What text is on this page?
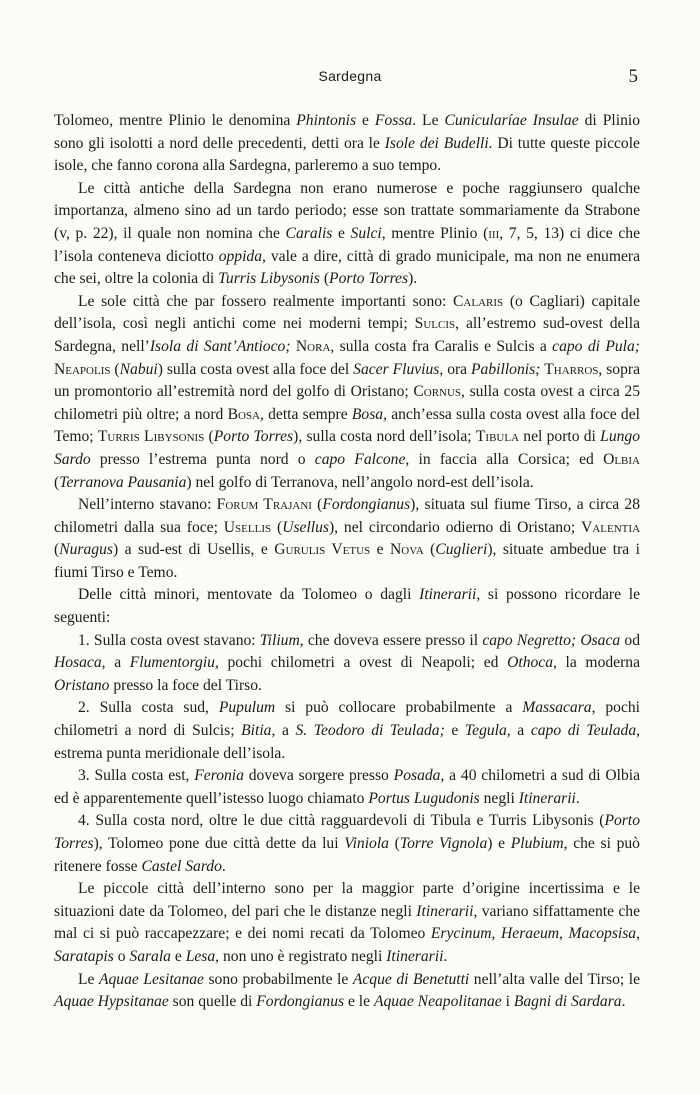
Sardegna	5

Tolomeo, mentre Plinio le denomina Phintonis e Fossa. Le Cunicularíae Insulae di Plinio sono gli isolotti a nord delle precedenti, detti ora le Isole dei Budelli. Di tutte queste piccole isole, che fanno corona alla Sardegna, parleremo a suo tempo.

Le città antiche della Sardegna non erano numerose e poche raggiunsero qualche importanza, almeno sino ad un tardo periodo; esse son trattate sommariamente da Strabone (v, p. 22), il quale non nomina che Caralis e Sulci, mentre Plinio (iii, 7, 5, 13) ci dice che l’isola conteneva diciotto oppida, vale a dire, città di grado municipale, ma non ne enumera che sei, oltre la colonia di Turris Libysonis (Porto Torres).

Le sole città che par fossero realmente importanti sono: Calaris (o Cagliari) capitale dell’isola, così negli antichi come nei moderni tempi; Sulcis, all’estremo sud-ovest della Sardegna, nell’Isola di Sant’Antioco; Nora, sulla costa fra Caralis e Sulcis a capo di Pula; Neapolis (Nabui) sulla costa ovest alla foce del Sacer Fluvius, ora Pabillonis; Tharros, sopra un promontorio all’estremità nord del golfo di Oristano; Cornus, sulla costa ovest a circa 25 chilometri più oltre; a nord Bosa, detta sempre Bosa, anch’essa sulla costa ovest alla foce del Temo; Turris Libysonis (Porto Torres), sulla costa nord dell’isola; Tibula nel porto di Lungo Sardo presso l’estrema punta nord o capo Falcone, in faccia alla Corsica; ed Olbia (Terranova Pausania) nel golfo di Terranova, nell’angolo nord-est dell’isola.

Nell’interno stavano: Forum Trajani (Fordongianus), situata sul fiume Tirso, a circa 28 chilometri dalla sua foce; Usellis (Usellus), nel circondario odierno di Oristano; Valentia (Nuragus) a sud-est di Usellis, e Gurulis Vetus e Nova (Cuglieri), situate ambedue tra i fiumi Tirso e Temo.

Delle città minori, mentovate da Tolomeo o dagli Itinerarii, si possono ricordare le seguenti:

1. Sulla costa ovest stavano: Tilium, che doveva essere presso il capo Negretto; Osaca od Hosaca, a Flumentorgiu, pochi chilometri a ovest di Neapoli; ed Othoca, la moderna Oristano presso la foce del Tirso.

2. Sulla costa sud, Pupulum si può collocare probabilmente a Massacara, pochi chilometri a nord di Sulcis; Bitia, a S. Teodoro di Teulada; e Tegula, a capo di Teulada, estrema punta meridionale dell’isola.

3. Sulla costa est, Feronia doveva sorgere presso Posada, a 40 chilometri a sud di Olbia ed è apparentemente quell’istesso luogo chiamato Portus Lugudonis negli Itinerarii.

4. Sulla costa nord, oltre le due città ragguardevoli di Tibula e Turris Libysonis (Porto Torres), Tolomeo pone due città dette da lui Viniola (Torre Vignola) e Plubium, che si può ritenere fosse Castel Sardo.

Le piccole città dell’interno sono per la maggior parte d’origine incertissima e le situazioni date da Tolomeo, del pari che le distanze negli Itinerarii, variano siffattamente che mal ci si può raccapezzare; e dei nomi recati da Tolomeo Erycinum, Heraeum, Macopsisa, Saratapis o Sarala e Lesa, non uno è registrato negli Itinerarii.

Le Aquae Lesitanae sono probabilmente le Acque di Benetutti nell’alta valle del Tirso; le Aquae Hypsitanae son quelle di Fordongianus e le Aquae Neapolitanae i Bagni di Sardara.
